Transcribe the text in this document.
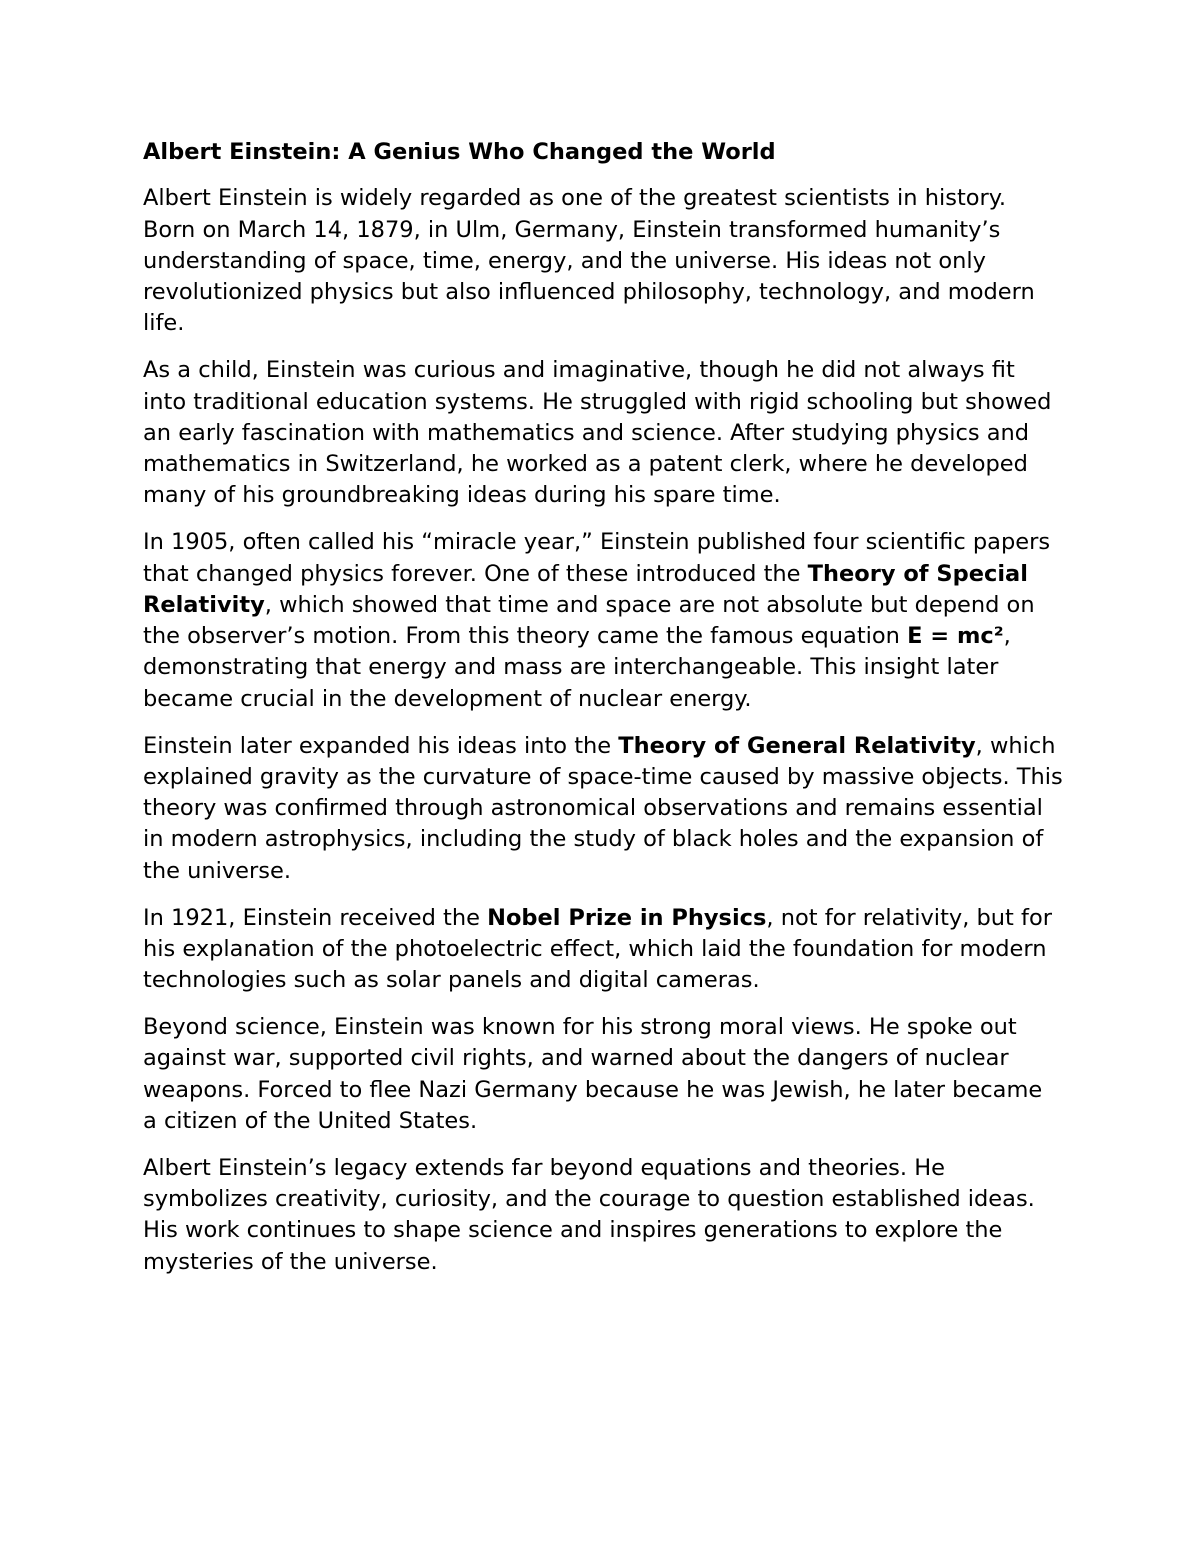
Albert Einstein: A Genius Who Changed the World

Albert Einstein is widely regarded as one of the greatest scientists in history. Born on March 14, 1879, in Ulm, Germany, Einstein transformed humanity’s understanding of space, time, energy, and the universe. His ideas not only revolutionized physics but also influenced philosophy, technology, and modern life.

As a child, Einstein was curious and imaginative, though he did not always fit into traditional education systems. He struggled with rigid schooling but showed an early fascination with mathematics and science. After studying physics and mathematics in Switzerland, he worked as a patent clerk, where he developed many of his groundbreaking ideas during his spare time.

In 1905, often called his “miracle year,” Einstein published four scientific papers that changed physics forever. One of these introduced the Theory of Special Relativity, which showed that time and space are not absolute but depend on the observer’s motion. From this theory came the famous equation E = mc², demonstrating that energy and mass are interchangeable. This insight later became crucial in the development of nuclear energy.

Einstein later expanded his ideas into the Theory of General Relativity, which explained gravity as the curvature of space-time caused by massive objects. This theory was confirmed through astronomical observations and remains essential in modern astrophysics, including the study of black holes and the expansion of the universe.

In 1921, Einstein received the Nobel Prize in Physics, not for relativity, but for his explanation of the photoelectric effect, which laid the foundation for modern technologies such as solar panels and digital cameras.

Beyond science, Einstein was known for his strong moral views. He spoke out against war, supported civil rights, and warned about the dangers of nuclear weapons. Forced to flee Nazi Germany because he was Jewish, he later became a citizen of the United States.

Albert Einstein’s legacy extends far beyond equations and theories. He symbolizes creativity, curiosity, and the courage to question established ideas. His work continues to shape science and inspires generations to explore the mysteries of the universe.
